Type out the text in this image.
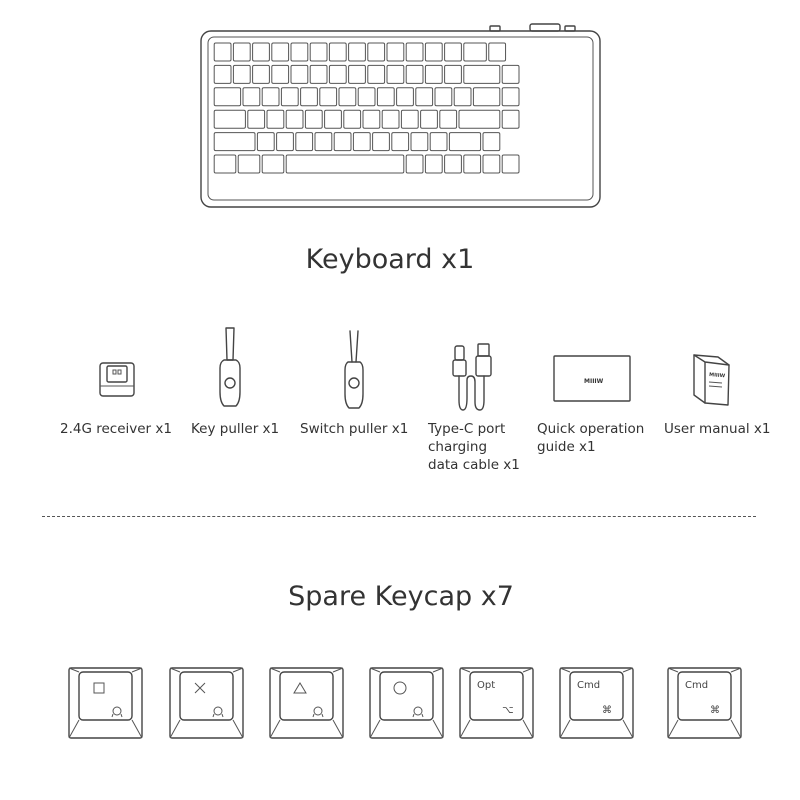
Keyboard x1
MIIIW
MIIIW
2.4G receiver x1 Key puller x1 Switch puller x1 Type-C port
charging
data cable x1
Quick operation
guide x1
User manual x1
Spare Keycap x7
Opt
⌥
Cmd
⌘
Cmd
⌘
